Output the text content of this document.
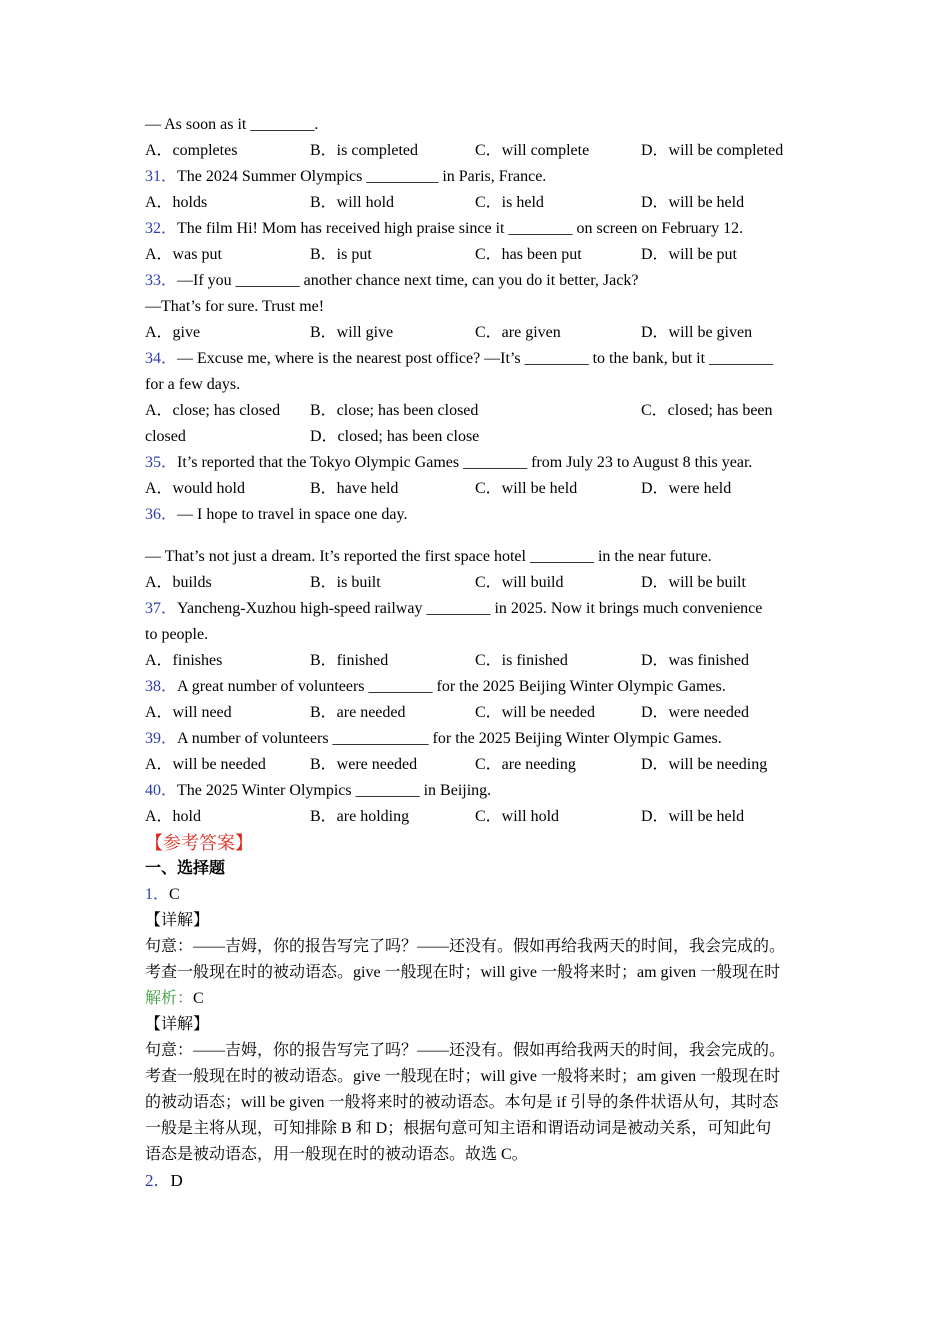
— As soon as it ________.
A．completes	B．is completed	C．will complete	D．will be completed
31．The 2024 Summer Olympics _________ in Paris, France.
A．holds	B．will hold	C．is held	D．will be held
32．The film Hi! Mom has received high praise since it ________ on screen on February 12.
A．was put	B．is put	C．has been put	D．will be put
33．—If you ________ another chance next time, can you do it better, Jack?
—That’s for sure. Trust me!
A．give	B．will give	C．are given	D．will be given
34．— Excuse me, where is the nearest post office? —It’s ________ to the bank, but it ________
for a few days.
A．close; has closed B．close; has been closed	C．closed; has been
closed	D．closed; has been close
35．It’s reported that the Tokyo Olympic Games ________ from July 23 to August 8 this year.
A．would hold	B．have held	C．will be held	D．were held
36．— I hope to travel in space one day.
— That’s not just a dream. It’s reported the first space hotel ________ in the near future.
A．builds	B．is built	C．will build	D．will be built
37．Yancheng-Xuzhou high-speed railway ________ in 2025. Now it brings much convenience
to people.
A．finishes	B．finished	C．is finished	D．was finished
38．A great number of volunteers ________ for the 2025 Beijing Winter Olympic Games.
A．will need	B．are needed	C．will be needed	D．were needed
39．A number of volunteers ____________ for the 2025 Beijing Winter Olympic Games.
A．will be needed	B．were needed	C．are needing	D．will be needing
40．The 2025 Winter Olympics ________ in Beijing.
A．hold	B．are holding	C．will hold	D．will be held
【参考答案】
一、选择题
1．C
【详解】
句意：——吉姆，你的报告写完了吗？——还没有。假如再给我两天的时间，我会完成的。
考查一般现在时的被动语态。give 一般现在时；will give 一般将来时；am given 一般现在时
解析：C
【详解】
句意：——吉姆，你的报告写完了吗？——还没有。假如再给我两天的时间，我会完成的。
考查一般现在时的被动语态。give 一般现在时；will give 一般将来时；am given 一般现在时
的被动语态；will be given 一般将来时的被动语态。本句是 if 引导的条件状语从句，其时态
一般是主将从现，可知排除 B 和 D；根据句意可知主语和谓语动词是被动关系，可知此句
语态是被动语态，用一般现在时的被动语态。故选 C。
2．D
